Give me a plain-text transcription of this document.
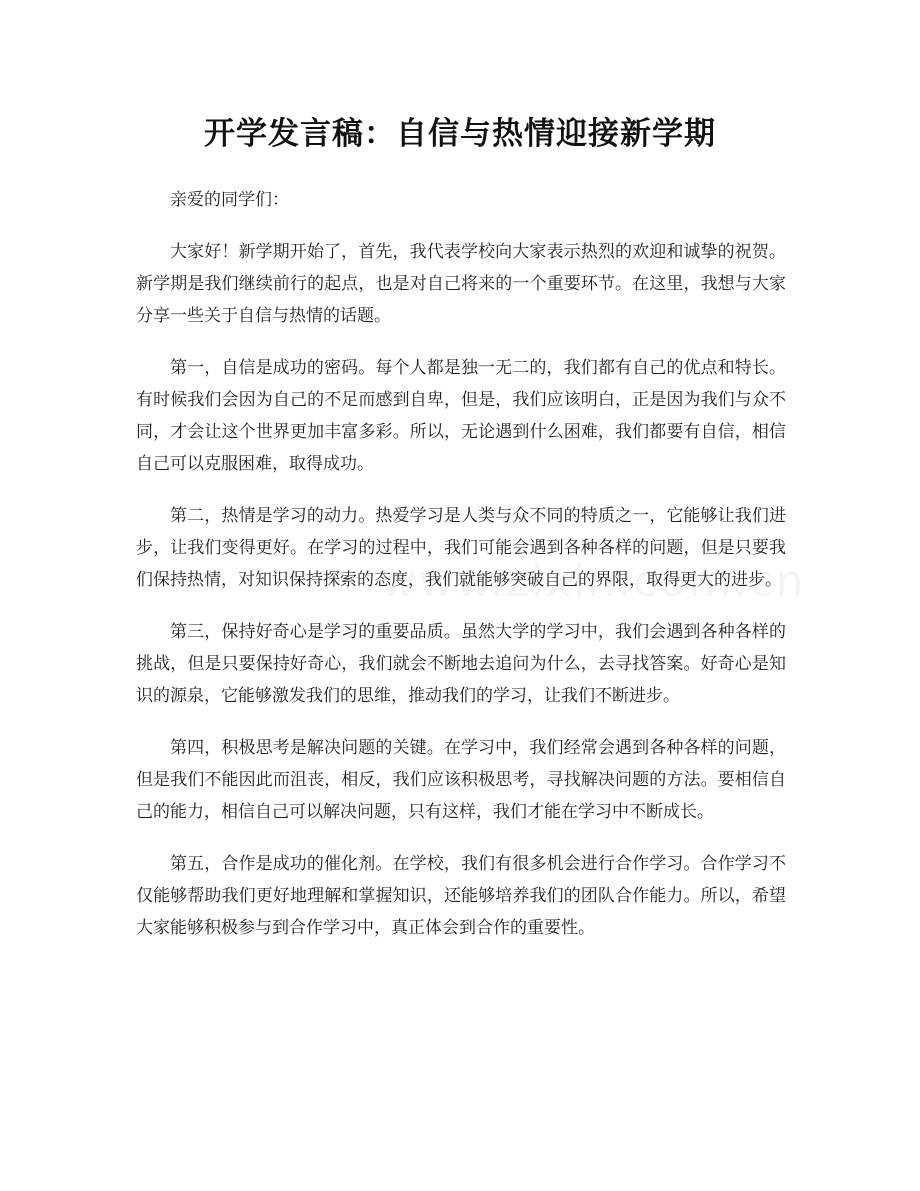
开学发言稿：自信与热情迎接新学期

亲爱的同学们：

大家好！新学期开始了，首先，我代表学校向大家表示热烈的欢迎和诚挚的祝贺。新学期是我们继续前行的起点，也是对自己将来的一个重要环节。在这里，我想与大家分享一些关于自信与热情的话题。

第一，自信是成功的密码。每个人都是独一无二的，我们都有自己的优点和特长。有时候我们会因为自己的不足而感到自卑，但是，我们应该明白，正是因为我们与众不同，才会让这个世界更加丰富多彩。所以，无论遇到什么困难，我们都要有自信，相信自己可以克服困难，取得成功。

第二，热情是学习的动力。热爱学习是人类与众不同的特质之一，它能够让我们进步，让我们变得更好。在学习的过程中，我们可能会遇到各种各样的问题，但是只要我们保持热情，对知识保持探索的态度，我们就能够突破自己的界限，取得更大的进步。

第三，保持好奇心是学习的重要品质。虽然大学的学习中，我们会遇到各种各样的挑战，但是只要保持好奇心，我们就会不断地去追问为什么，去寻找答案。好奇心是知识的源泉，它能够激发我们的思维，推动我们的学习，让我们不断进步。

第四，积极思考是解决问题的关键。在学习中，我们经常会遇到各种各样的问题，但是我们不能因此而沮丧，相反，我们应该积极思考，寻找解决问题的方法。要相信自己的能力，相信自己可以解决问题，只有这样，我们才能在学习中不断成长。

第五，合作是成功的催化剂。在学校，我们有很多机会进行合作学习。合作学习不仅能够帮助我们更好地理解和掌握知识，还能够培养我们的团队合作能力。所以，希望大家能够积极参与到合作学习中，真正体会到合作的重要性。
